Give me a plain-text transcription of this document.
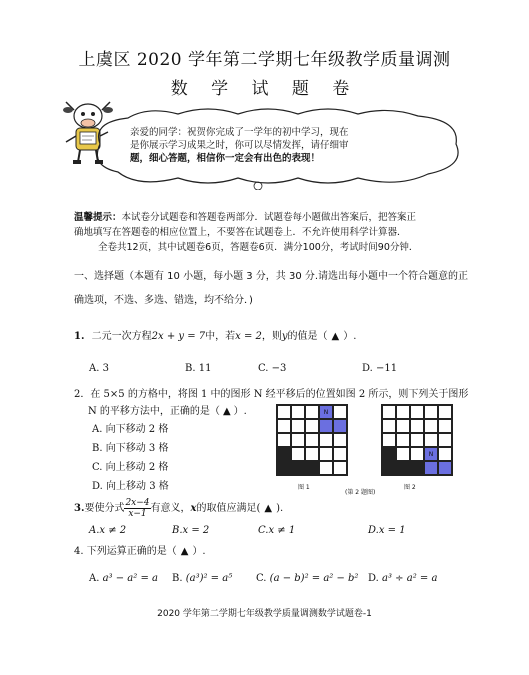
上虞区 2020 学年第二学期七年级教学质量调测
数 学 试 题 卷
亲爱的同学：祝贺你完成了一学年的初中学习，现在
是你展示学习成果之时，你可以尽情发挥，请仔细审
题，细心答题，相信你一定会有出色的表现！
温馨提示：本试卷分试题卷和答题卷两部分．试题卷每小题做出答案后，把答案正
确地填写在答题卷的相应位置上，不要答在试题卷上．不允许使用科学计算器．
全卷共12页，其中试题卷6页，答题卷6页．满分100分，考试时间90分钟．
一、选择题（本题有 10 小题，每小题 3 分，共 30 分.请选出每小题中一个符合题意的正
确选项，不选、多选、错选，均不给分．)
1. 二元一次方程2x + y = 7中，若x = 2，则y的值是（ ▲ ）.
A. 3	B. 11	C. −3	D. −11
2．在 5×5 的方格中，将图 1 中的图形 N 经平移后的位置如图 2 所示，则下列关于图形
N 的平移方法中，正确的是（ ▲ ）.
A. 向下移动 2 格
B. 向下移动 3 格
C. 向上移动 2 格
D. 向上移动 3 格
N
图 1
N
(第 2 题图)
图 2
3. 要使分式 $\frac{2x-4}{x-1}$ 有意义， x 的取值应满足( ▲ ).
A.x ≠ 2	B.x = 2	C.x ≠ 1	D.x = 1
4. 下列运算正确的是（ ▲ ）.
A. a³ − a² = a B. (a³)² = a⁵ C. (a − b)² = a² − b² D. a³ ÷ a² = a
2020 学年第二学期七年级教学质量调测数学试题卷-1
